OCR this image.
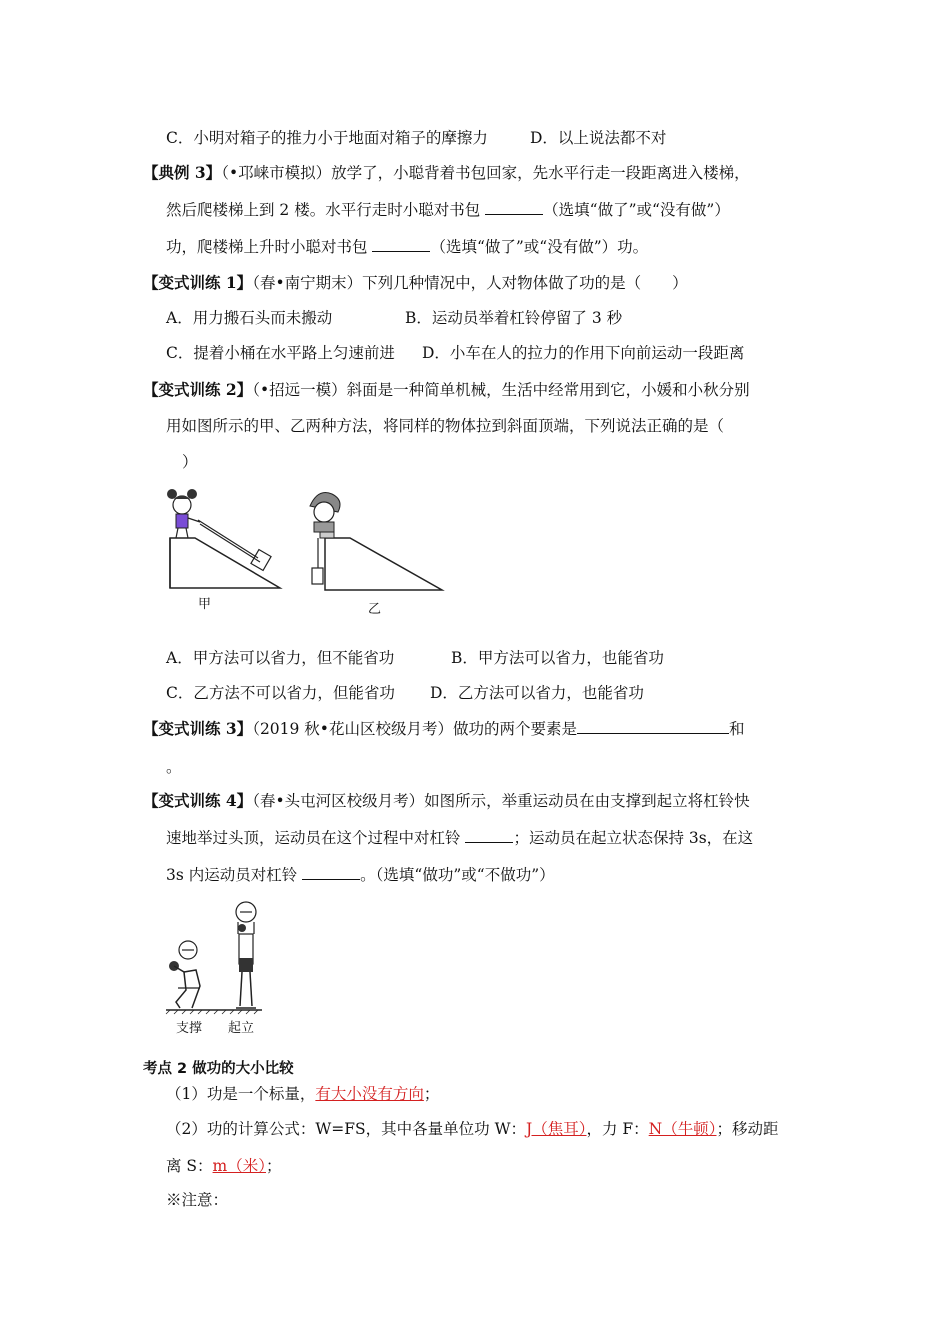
C．小明对箱子的推力小于地面对箱子的摩擦力	D．以上说法都不对
【典例 3】（•邛崃市模拟）放学了，小聪背着书包回家，先水平行走一段距离进入楼梯，
然后爬楼梯上到 2 楼。水平行走时小聪对书包	（选填“做了”或“没有做”）
功，爬楼梯上升时小聪对书包	（选填“做了”或“没有做”）功。
【变式训练 1】（春•南宁期末）下列几种情况中，人对物体做了功的是（　　）
A．用力搬石头而未搬动	B．运动员举着杠铃停留了 3 秒
C．提着小桶在水平路上匀速前进 D．小车在人的拉力的作用下向前运动一段距离
【变式训练 2】（•招远一模）斜面是一种简单机械，生活中经常用到它，小媛和小秋分别
用如图所示的甲、乙两种方法，将同样的物体拉到斜面顶端，下列说法正确的是（
）
甲	乙
A．甲方法可以省力，但不能省功	B．甲方法可以省力，也能省功
C．乙方法不可以省力，但能省功 D．乙方法可以省力，也能省功
【变式训练 3】（2019 秋•花山区校级月考）做功的两个要素是	和
。
【变式训练 4】（春•头屯河区校级月考）如图所示，举重运动员在由支撑到起立将杠铃快
速地举过头顶，运动员在这个过程中对杠铃	；运动员在起立状态保持 3s，在这
3s 内运动员对杠铃	。（选填“做功”或“不做功”）
支撑 起立
考点 2 做功的大小比较
（1）功是一个标量，有大小没有方向；
（2）功的计算公式：W=FS，其中各量单位功 W：J（焦耳），力 F：N（牛顿）；移动距
离 S：m（米）；
※注意：
